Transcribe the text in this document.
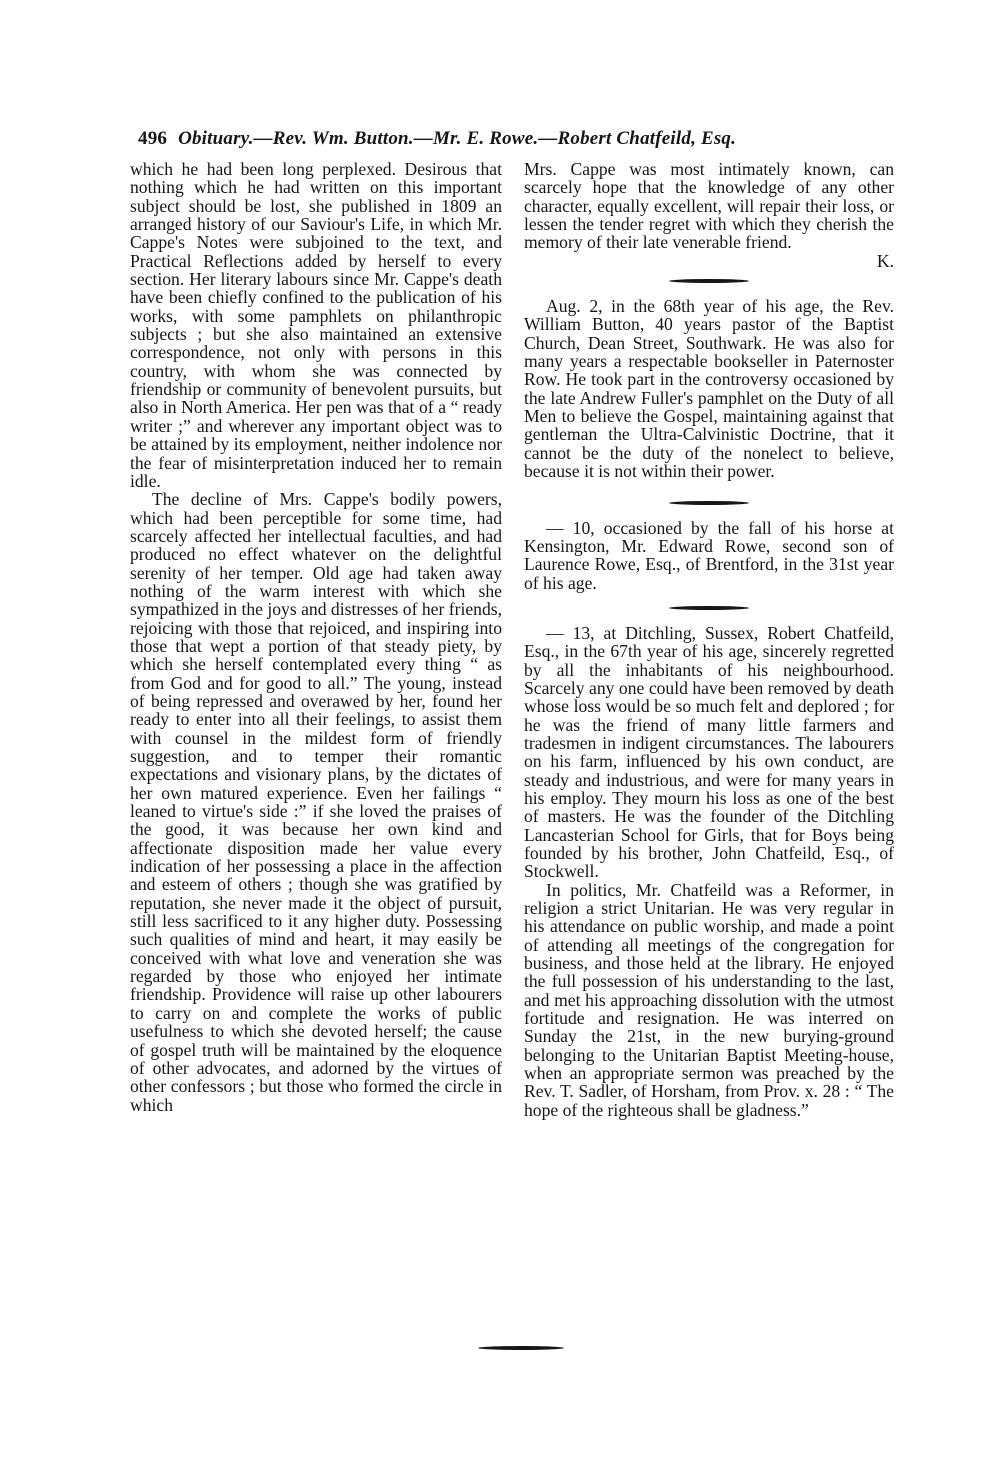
496 Obituary.—Rev. Wm. Button.—Mr. E. Rowe.—Robert Chatfeild, Esq.

which he had been long perplexed. Desirous that nothing which he had written on this important subject should be lost, she published in 1809 an arranged history of our Saviour's Life, in which Mr. Cappe's Notes were subjoined to the text, and Practical Reflections added by herself to every section. Her literary labours since Mr. Cappe's death have been chiefly confined to the publication of his works, with some pamphlets on philanthropic subjects ; but she also maintained an extensive correspondence, not only with persons in this country, with whom she was connected by friendship or community of benevolent pursuits, but also in North America. Her pen was that of a “ ready writer ;” and wherever any important object was to be attained by its employment, neither indolence nor the fear of misinterpretation induced her to remain idle.

The decline of Mrs. Cappe's bodily powers, which had been perceptible for some time, had scarcely affected her intellectual faculties, and had produced no effect whatever on the delightful serenity of her temper. Old age had taken away nothing of the warm interest with which she sympathized in the joys and distresses of her friends, rejoicing with those that rejoiced, and inspiring into those that wept a portion of that steady piety, by which she herself contemplated every thing “ as from God and for good to all.” The young, instead of being repressed and overawed by her, found her ready to enter into all their feelings, to assist them with counsel in the mildest form of friendly suggestion, and to temper their romantic expectations and visionary plans, by the dictates of her own matured experience. Even her failings “ leaned to virtue's side :” if she loved the praises of the good, it was because her own kind and affectionate disposition made her value every indication of her possessing a place in the affection and esteem of others ; though she was gratified by reputation, she never made it the object of pursuit, still less sacrificed to it any higher duty. Possessing such qualities of mind and heart, it may easily be conceived with what love and veneration she was regarded by those who enjoyed her intimate friendship. Providence will raise up other labourers to carry on and complete the works of public usefulness to which she devoted herself; the cause of gospel truth will be maintained by the eloquence of other advocates, and adorned by the virtues of other confessors ; but those who formed the circle in which

Mrs. Cappe was most intimately known, can scarcely hope that the knowledge of any other character, equally excellent, will repair their loss, or lessen the tender regret with which they cherish the memory of their late venerable friend.

K.

Aug. 2, in the 68th year of his age, the Rev. William Button, 40 years pastor of the Baptist Church, Dean Street, Southwark. He was also for many years a respectable bookseller in Paternoster Row. He took part in the controversy occasioned by the late Andrew Fuller's pamphlet on the Duty of all Men to believe the Gospel, maintaining against that gentleman the Ultra-Calvinistic Doctrine, that it cannot be the duty of the nonelect to believe, because it is not within their power.

— 10, occasioned by the fall of his horse at Kensington, Mr. Edward Rowe, second son of Laurence Rowe, Esq., of Brentford, in the 31st year of his age.

— 13, at Ditchling, Sussex, Robert Chatfeild, Esq., in the 67th year of his age, sincerely regretted by all the inhabitants of his neighbourhood. Scarcely any one could have been removed by death whose loss would be so much felt and deplored ; for he was the friend of many little farmers and tradesmen in indigent circumstances. The labourers on his farm, influenced by his own conduct, are steady and industrious, and were for many years in his employ. They mourn his loss as one of the best of masters. He was the founder of the Ditchling Lancasterian School for Girls, that for Boys being founded by his brother, John Chatfeild, Esq., of Stockwell.

In politics, Mr. Chatfeild was a Reformer, in religion a strict Unitarian. He was very regular in his attendance on public worship, and made a point of attending all meetings of the congregation for business, and those held at the library. He enjoyed the full possession of his understanding to the last, and met his approaching dissolution with the utmost fortitude and resignation. He was interred on Sunday the 21st, in the new burying-ground belonging to the Unitarian Baptist Meeting-house, when an appropriate sermon was preached by the Rev. T. Sadler, of Horsham, from Prov. x. 28 : “ The hope of the righteous shall be gladness.”
